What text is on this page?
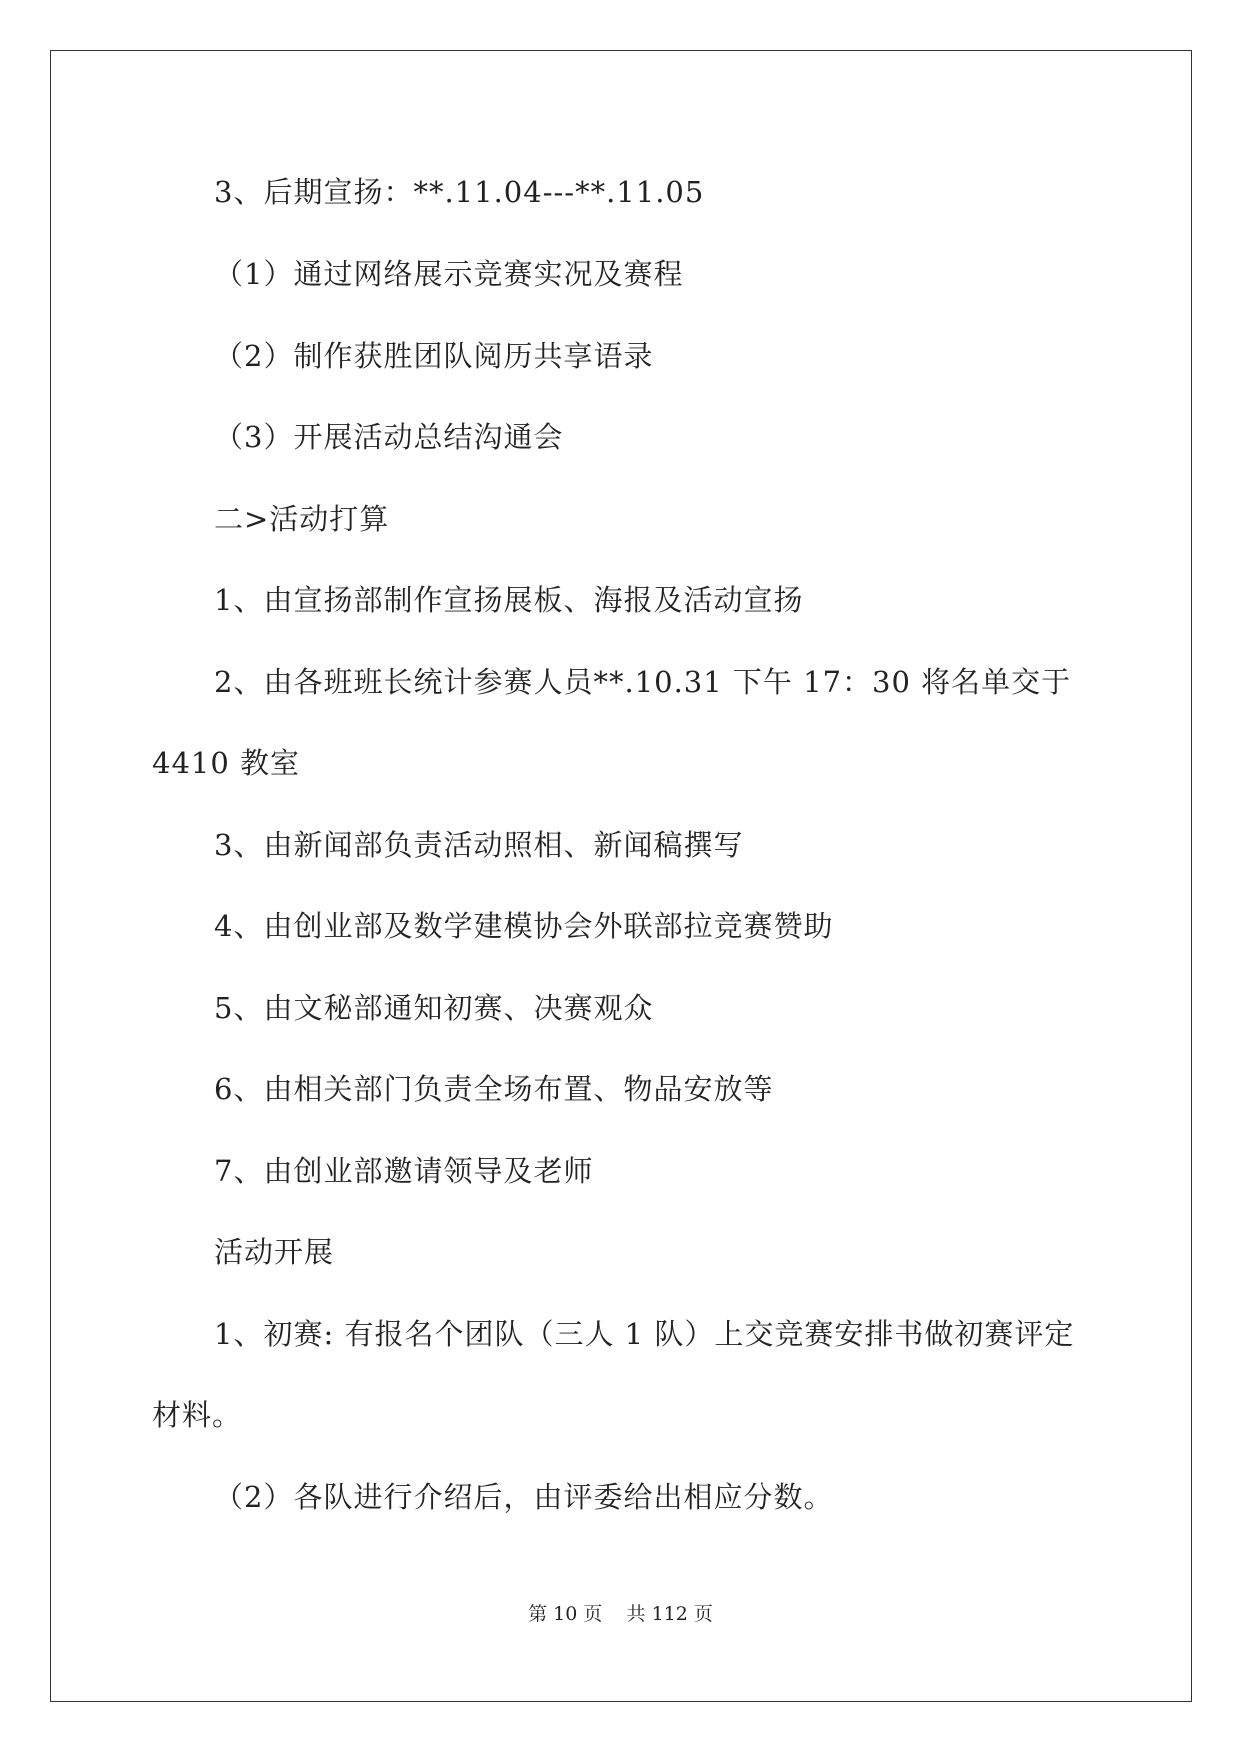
3、后期宣扬：**.11.04---**.11.05
（1）通过网络展示竞赛实况及赛程
（2）制作获胜团队阅历共享语录
（3）开展活动总结沟通会
二>活动打算
1、由宣扬部制作宣扬展板、海报及活动宣扬
2、由各班班长统计参赛人员**.10.31 下午 17：30 将名单交于
4410 教室
3、由新闻部负责活动照相、新闻稿撰写
4、由创业部及数学建模协会外联部拉竞赛赞助
5、由文秘部通知初赛、决赛观众
6、由相关部门负责全场布置、物品安放等
7、由创业部邀请领导及老师
活动开展
1、初赛: 有报名个团队（三人 1 队）上交竞赛安排书做初赛评定
材料。
（2）各队进行介绍后，由评委给出相应分数。
第 10 页    共 112 页
